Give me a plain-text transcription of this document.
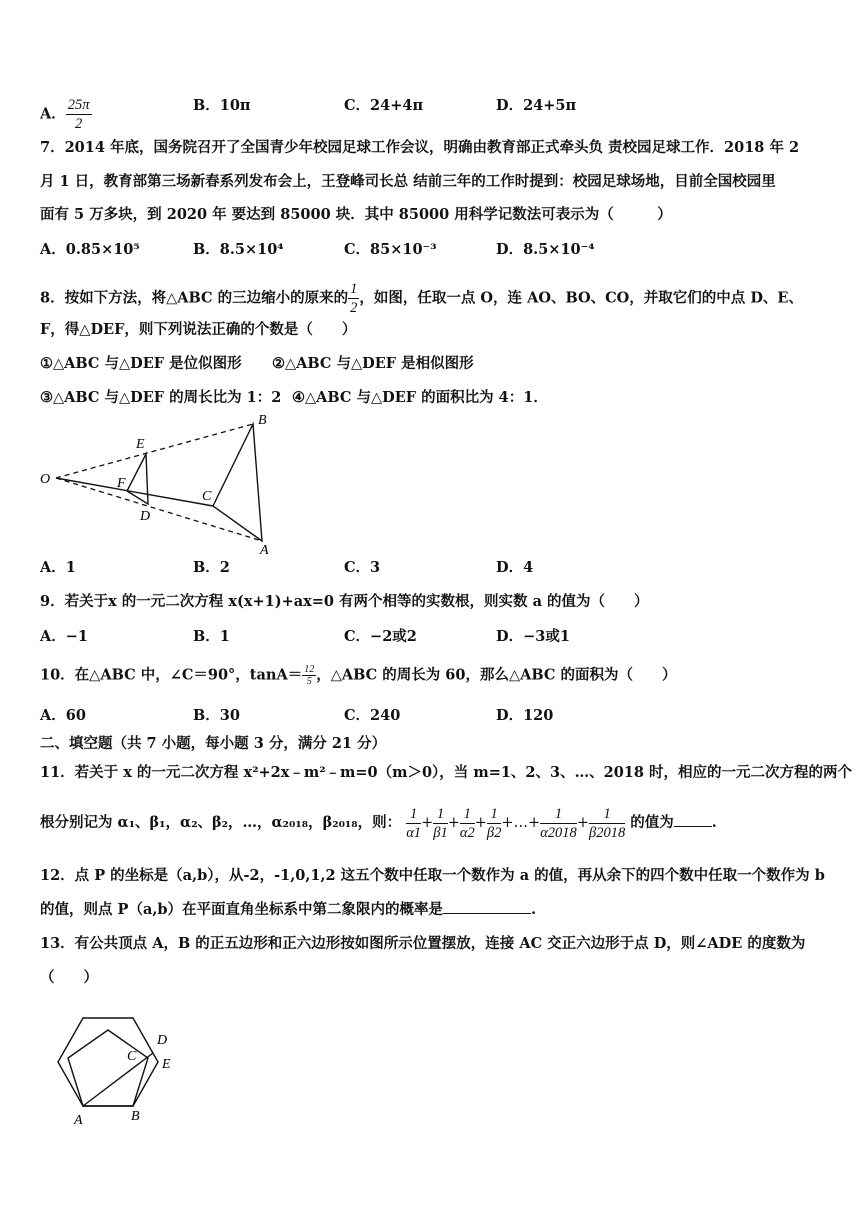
A． $\frac{25\pi}{2}$	B．10π	C．24+4π	D．24+5π
7．2014 年底，国务院召开了全国青少年校园足球工作会议，明确由教育部正式牵头负 责校园足球工作．2018 年 2
月 1 日，教育部第三场新春系列发布会上，王登峰司长总 结前三年的工作时提到：校园足球场地，目前全国校园里
面有 5 万多块，到 2020 年 要达到 85000 块．其中 85000 用科学记数法可表示为（　　　）
A．0.85×10⁵	B．8.5×10⁴	C．85×10⁻³	D．8.5×10⁻⁴
8．按如下方法，将△ABC 的三边缩小的原来的 $\frac{1}{2}$ ，如图，任取一点 O，连 AO、BO、CO，并取它们的中点 D、E、
F，得△DEF，则下列说法正确的个数是（　　）
①△ABC 与△DEF 是位似图形 ②△ABC 与△DEF 是相似图形
③△ABC 与△DEF 的周长比为 1：2 ④△ABC 与△DEF 的面积比为 4：1．
O
E
F
D
C
B
A
A．1	B．2	C．3	D．4
9．若关于x 的一元二次方程 x(x+1)+ax=0 有两个相等的实数根，则实数 a 的值为（　　）
A．−1	B．1	C．−2或2	D．−3或1
10．在△ABC 中，∠C＝90°，$\tan A= \frac{12}{5}$ ，△ABC 的周长为 60，那么△ABC 的面积为（　　）
A．60	B．30	C．240	D．120
二、填空题（共 7 小题，每小题 3 分，满分 21 分）
11．若关于 x 的一元二次方程 x²+2x﹣m²﹣m=0（m＞0），当 m=1、2、3、…、2018 时，相应的一元二次方程的两个
根分别记为 α₁、β₁，α₂、β₂，…，α₂₀₁₈，β₂₀₁₈，则： $\frac{1}{\alpha 1} + \frac{1}{\beta 1} + \frac{1}{\alpha 2} + \frac{1}{\beta 2}$ +…+ $\frac{1}{\alpha 2018} + \frac{1}{\beta 2018}$ 的值为	.
12．点 P 的坐标是（a,b），从-2，-1,0,1,2 这五个数中任取一个数作为 a 的值，再从余下的四个数中任取一个数作为 b
的值，则点 P（a,b）在平面直角坐标系中第二象限内的概率是	.
13．有公共顶点 A，B 的正五边形和正六边形按如图所示位置摆放，连接 AC 交正六边形于点 D，则∠ADE 的度数为
（　　）
A	B
C
D
E
